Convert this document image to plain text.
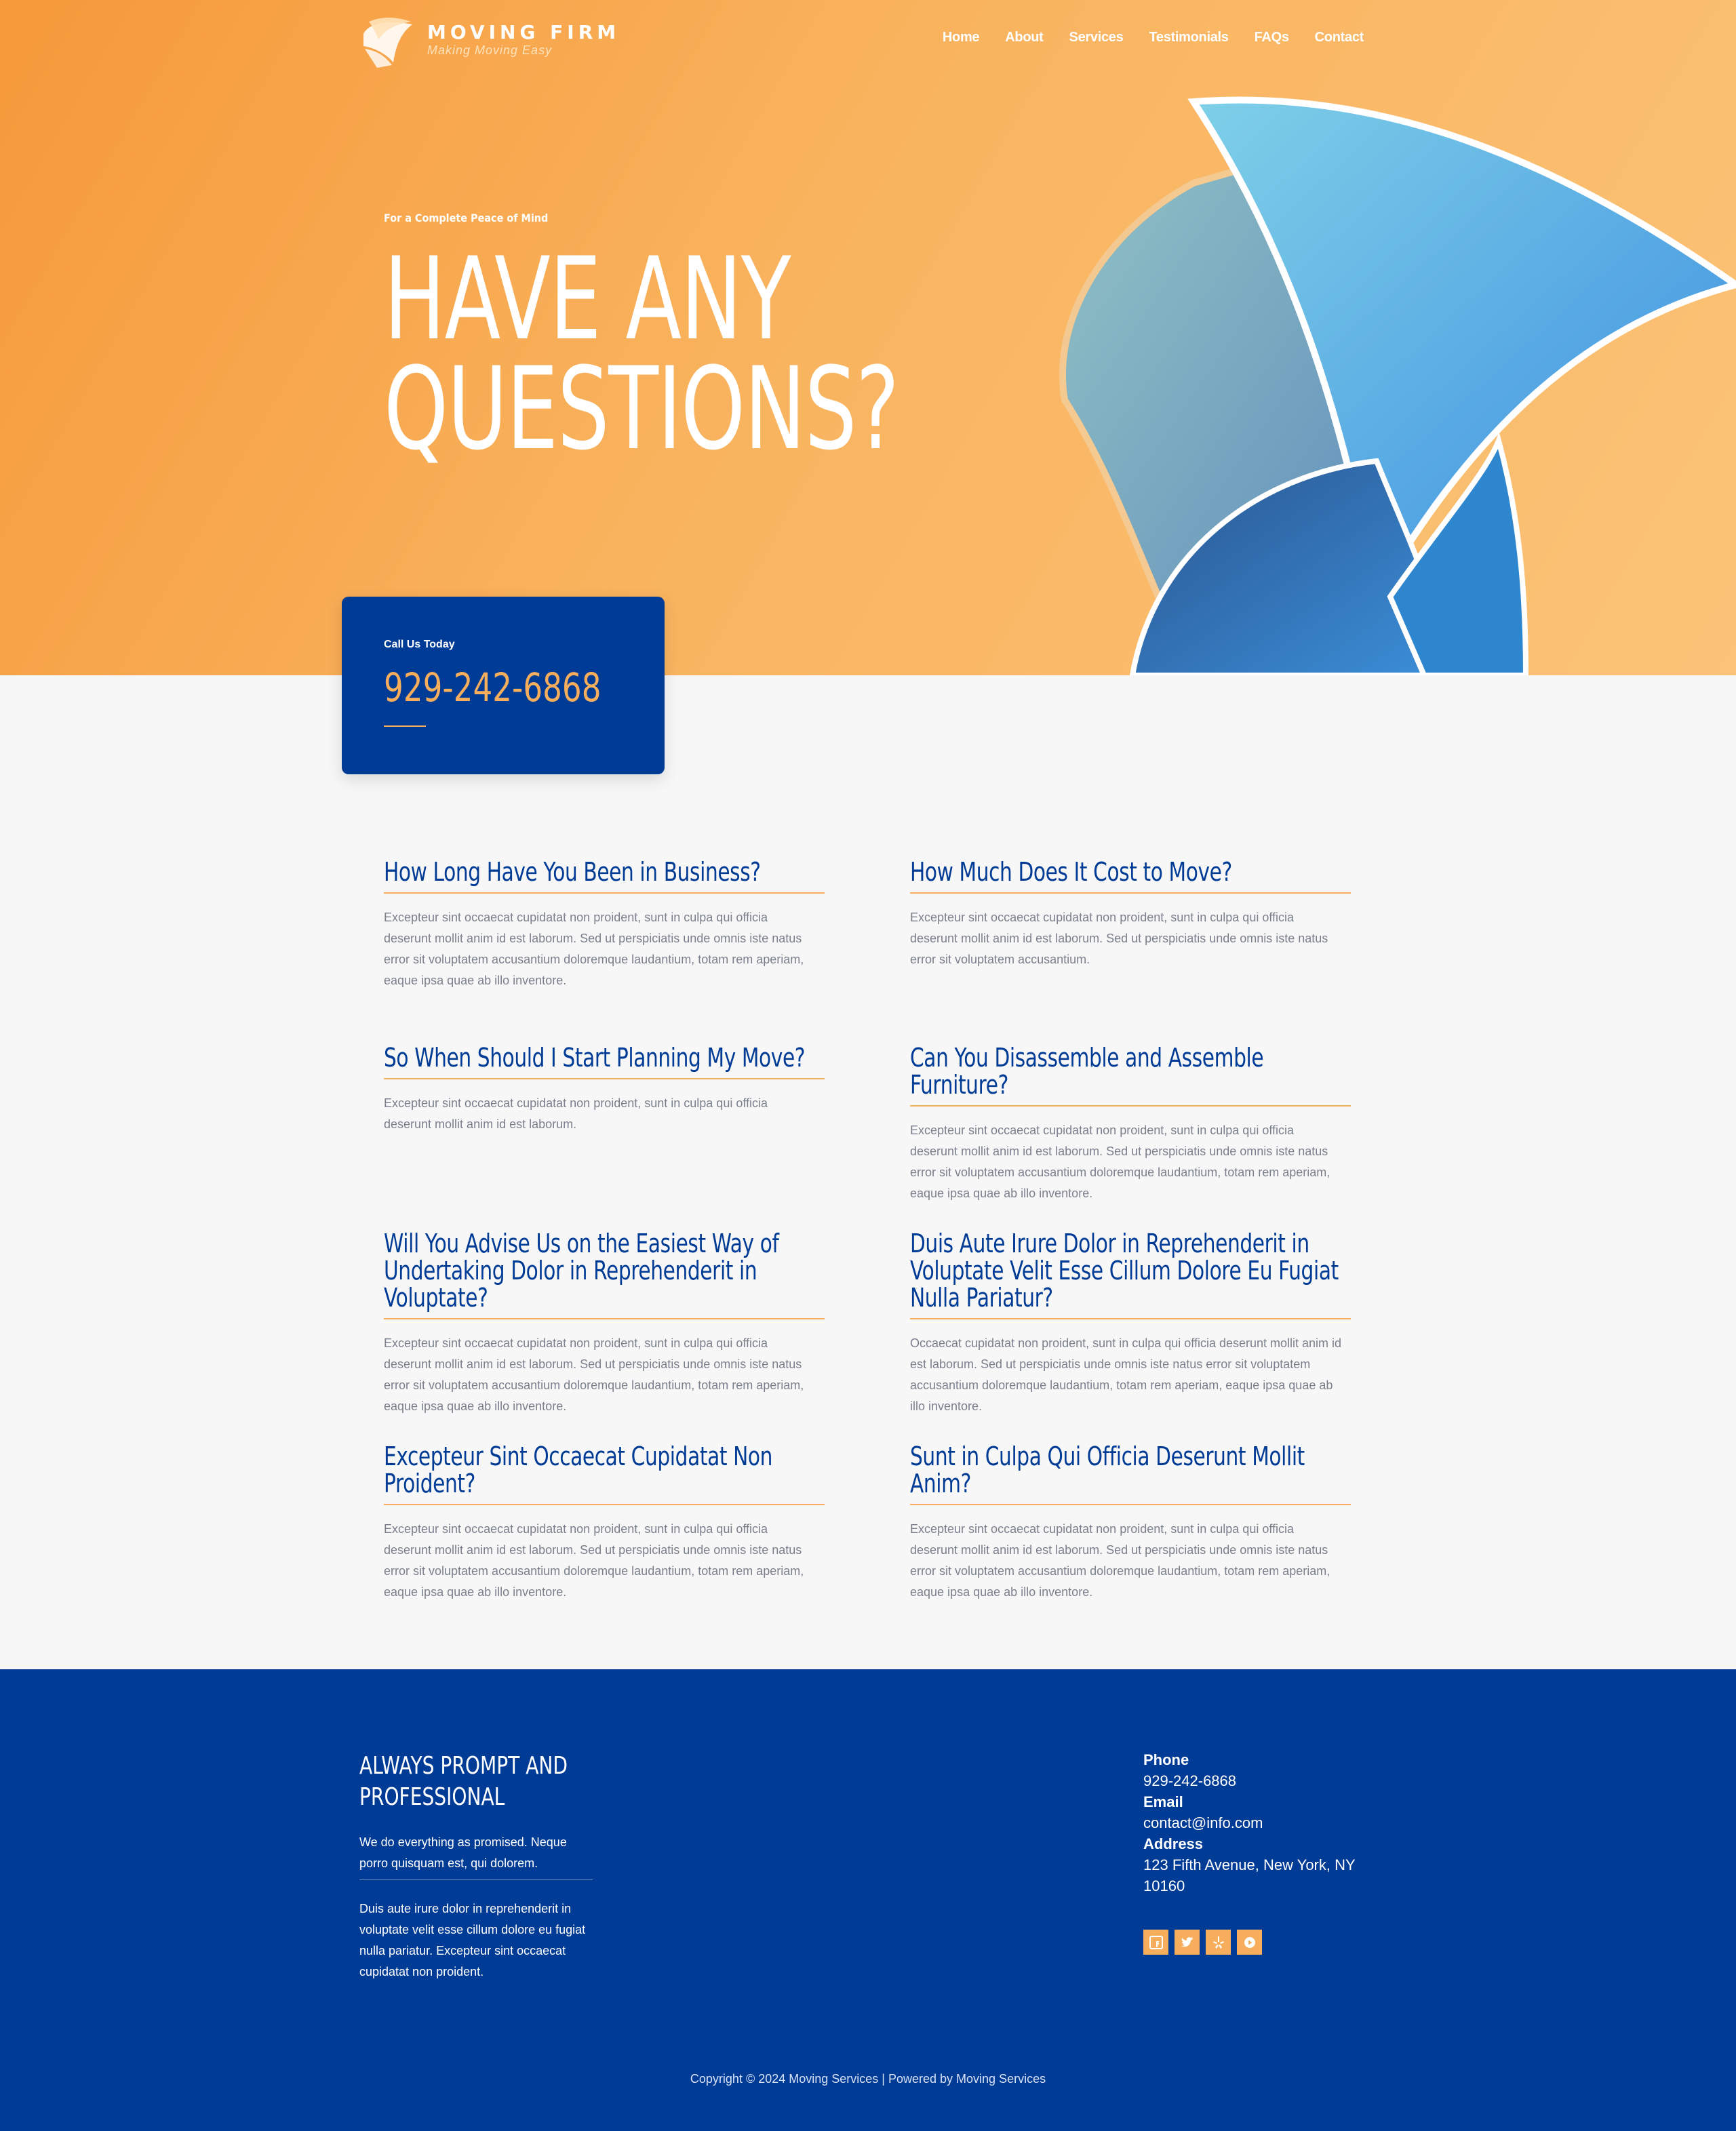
MOVING FIRM
Making Moving Easy
Home About Services Testimonials FAQs Contact
For a Complete Peace of Mind
HAVE ANY
QUESTIONS?
Call Us Today
929-242-6868
How Long Have You Been in Business?

Excepteur sint occaecat cupidatat non proident, sunt in culpa qui officia deserunt mollit anim id est laborum. Sed ut perspiciatis unde omnis iste natus error sit voluptatem accusantium doloremque laudantium, totam rem aperiam, eaque ipsa quae ab illo inventore.

How Much Does It Cost to Move?

Excepteur sint occaecat cupidatat non proident, sunt in culpa qui officia deserunt mollit anim id est laborum. Sed ut perspiciatis unde omnis iste natus error sit voluptatem accusantium.

So When Should I Start Planning My Move?

Excepteur sint occaecat cupidatat non proident, sunt in culpa qui officia deserunt mollit anim id est laborum.

Can You Disassemble and Assemble Furniture?

Excepteur sint occaecat cupidatat non proident, sunt in culpa qui officia deserunt mollit anim id est laborum. Sed ut perspiciatis unde omnis iste natus error sit voluptatem accusantium doloremque laudantium, totam rem aperiam, eaque ipsa quae ab illo inventore.

Will You Advise Us on the Easiest Way of Undertaking Dolor in Reprehenderit in Voluptate?

Excepteur sint occaecat cupidatat non proident, sunt in culpa qui officia deserunt mollit anim id est laborum. Sed ut perspiciatis unde omnis iste natus error sit voluptatem accusantium doloremque laudantium, totam rem aperiam, eaque ipsa quae ab illo inventore.

Duis Aute Irure Dolor in Reprehenderit in Voluptate Velit Esse Cillum Dolore Eu Fugiat Nulla Pariatur?

Occaecat cupidatat non proident, sunt in culpa qui officia deserunt mollit anim id est laborum. Sed ut perspiciatis unde omnis iste natus error sit voluptatem accusantium doloremque laudantium, totam rem aperiam, eaque ipsa quae ab illo inventore.

Excepteur Sint Occaecat Cupidatat Non Proident?

Excepteur sint occaecat cupidatat non proident, sunt in culpa qui officia deserunt mollit anim id est laborum. Sed ut perspiciatis unde omnis iste natus error sit voluptatem accusantium doloremque laudantium, totam rem aperiam, eaque ipsa quae ab illo inventore.

Sunt in Culpa Qui Officia Deserunt Mollit Anim?

Excepteur sint occaecat cupidatat non proident, sunt in culpa qui officia deserunt mollit anim id est laborum. Sed ut perspiciatis unde omnis iste natus error sit voluptatem accusantium doloremque laudantium, totam rem aperiam, eaque ipsa quae ab illo inventore.

ALWAYS PROMPT AND PROFESSIONAL

We do everything as promised. Neque porro quisquam est, qui dolorem.

Duis aute irure dolor in reprehenderit in voluptate velit esse cillum dolore eu fugiat nulla pariatur. Excepteur sint occaecat cupidatat non proident.

Phone
929-242-6868
Email
contact@info.com
Address
123 Fifth Avenue, New York, NY 10160
Copyright © 2024 Moving Services | Powered by Moving Services
